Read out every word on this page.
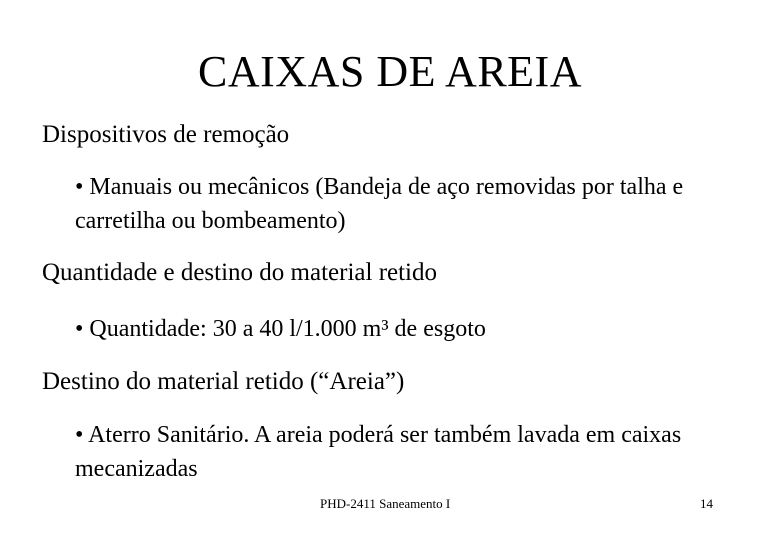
CAIXAS DE AREIA
Dispositivos de remoção
• Manuais ou mecânicos (Bandeja de aço removidas por talha e carretilha ou bombeamento)
Quantidade e destino do material retido
• Quantidade: 30 a 40 l/1.000 m³ de esgoto
Destino do material retido (“Areia”)
• Aterro Sanitário. A areia poderá ser também lavada em caixas mecanizadas
PHD-2411 Saneamento I	14
